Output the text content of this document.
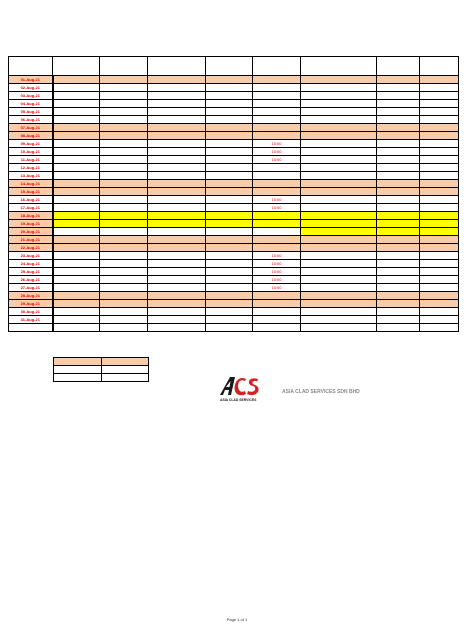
01-Aug-21								
02-Aug-21								
03-Aug-21								
04-Aug-21								
05-Aug-21								
06-Aug-21								
07-Aug-21								
08-Aug-21								
09-Aug-21					10:00			
10-Aug-21					10:00			
11-Aug-21					10:00			
12-Aug-21								
13-Aug-21								
14-Aug-21								
15-Aug-21								
16-Aug-21					10:00			
17-Aug-21					10:00			
18-Aug-21								
19-Aug-21								
20-Aug-21								
21-Aug-21								
22-Aug-21								
23-Aug-21					10:00			
24-Aug-21					10:00			
25-Aug-21					10:00			
26-Aug-21					10:00			
27-Aug-21					10:00			
28-Aug-21								
29-Aug-21								
30-Aug-21								
31-Aug-21								

ASIA CLAD SERVICES
ASIA CLAD SERVICES SDN BHD
Page 1 of 1
